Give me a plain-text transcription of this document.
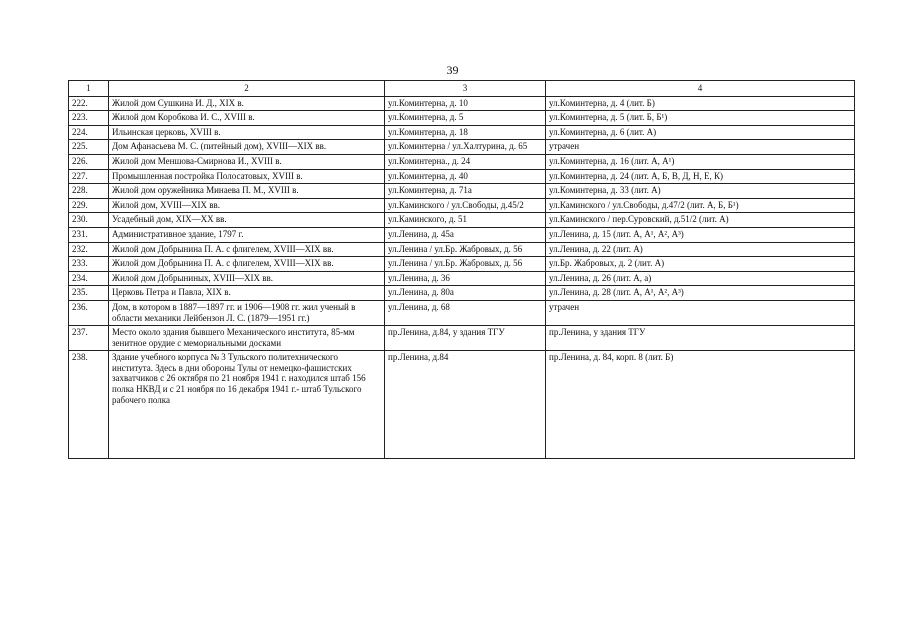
39
1	2	3	4
222.	Жилой дом Сушкина И. Д., XIX в.	ул.Коминтерна, д. 10	ул.Коминтерна, д. 4 (лит. Б)
223.	Жилой дом Коробкова И. С., XVIII в.	ул.Коминтерна, д. 5	ул.Коминтерна, д. 5 (лит. Б, Б¹)
224.	Ильинская церковь, XVIII в.	ул.Коминтерна, д. 18	ул.Коминтерна, д. 6 (лит. А)
225.	Дом Афанасьева М. С. (питейный дом), XVIII—XIX вв.	ул.Коминтерна / ул.Халтурина, д. 65	утрачен
226.	Жилой дом Меншова-Смирнова И., XVIII в.	ул.Коминтерна., д. 24	ул.Коминтерна, д. 16 (лит. А, А¹)
227.	Промышленная постройка Полосатовых, XVIII в.	ул.Коминтерна, д. 40	ул.Коминтерна, д. 24 (лит. А, Б, В, Д, Н, Е, К)
228.	Жилой дом оружейника Минаева П. М., XVIII в.	ул.Коминтерна, д. 71а	ул.Коминтерна, д. 33 (лит. А)
229.	Жилой дом, XVIII—XIX вв.	ул.Каминского / ул.Свободы, д.45/2	ул.Каминского / ул.Свободы, д.47/2 (лит. А, Б, Б¹)
230.	Усадебный дом, XIX—XX вв.	ул.Каминского, д. 51	ул.Каминского / пер.Суровский, д.51/2 (лит. А)
231.	Административное здание, 1797 г.	ул.Ленина, д. 45а	ул.Ленина, д. 15 (лит. А, А¹, А², А³)
232.	Жилой дом Добрынина П. А. с флигелем, XVIII—XIX вв.	ул.Ленина / ул.Бр. Жабровых, д. 56	ул.Ленина, д. 22 (лит. А)
233.	Жилой дом Добрынина П. А. с флигелем, XVIII—XIX вв.	ул.Ленина / ул.Бр. Жабровых, д. 56	ул.Бр. Жабровых, д. 2 (лит. А)
234.	Жилой дом Добрыниных, XVIII—XIX вв.	ул.Ленина, д. 36	ул.Ленина, д. 26 (лит. А, а)
235.	Церковь Петра и Павла, XIX в.	ул.Ленина, д. 80а	ул.Ленина, д. 28 (лит. А, А¹, А², А³)
236.	Дом, в котором в 1887—1897 гг. и 1906—1908 гг. жил ученый в области механики Лейбензон Л. С. (1879—1951 гг.)	ул.Ленина, д. 68	утрачен
237.	Место около здания бывшего Механического института, 85-мм зенитное орудие с мемориальными досками	пр.Ленина, д.84, у здания ТГУ	пр.Ленина, у здания ТГУ
238.	Здание учебного корпуса № 3 Тульского политехнического института. Здесь в дни обороны Тулы от немецко-фашистских захватчиков с 26 октября по 21 ноября 1941 г. находился штаб 156 полка НКВД и с 21 ноября по 16 декабря 1941 г.- штаб Тульского рабочего полка	пр.Ленина, д.84	пр.Ленина, д. 84, корп. 8 (лит. Б)
